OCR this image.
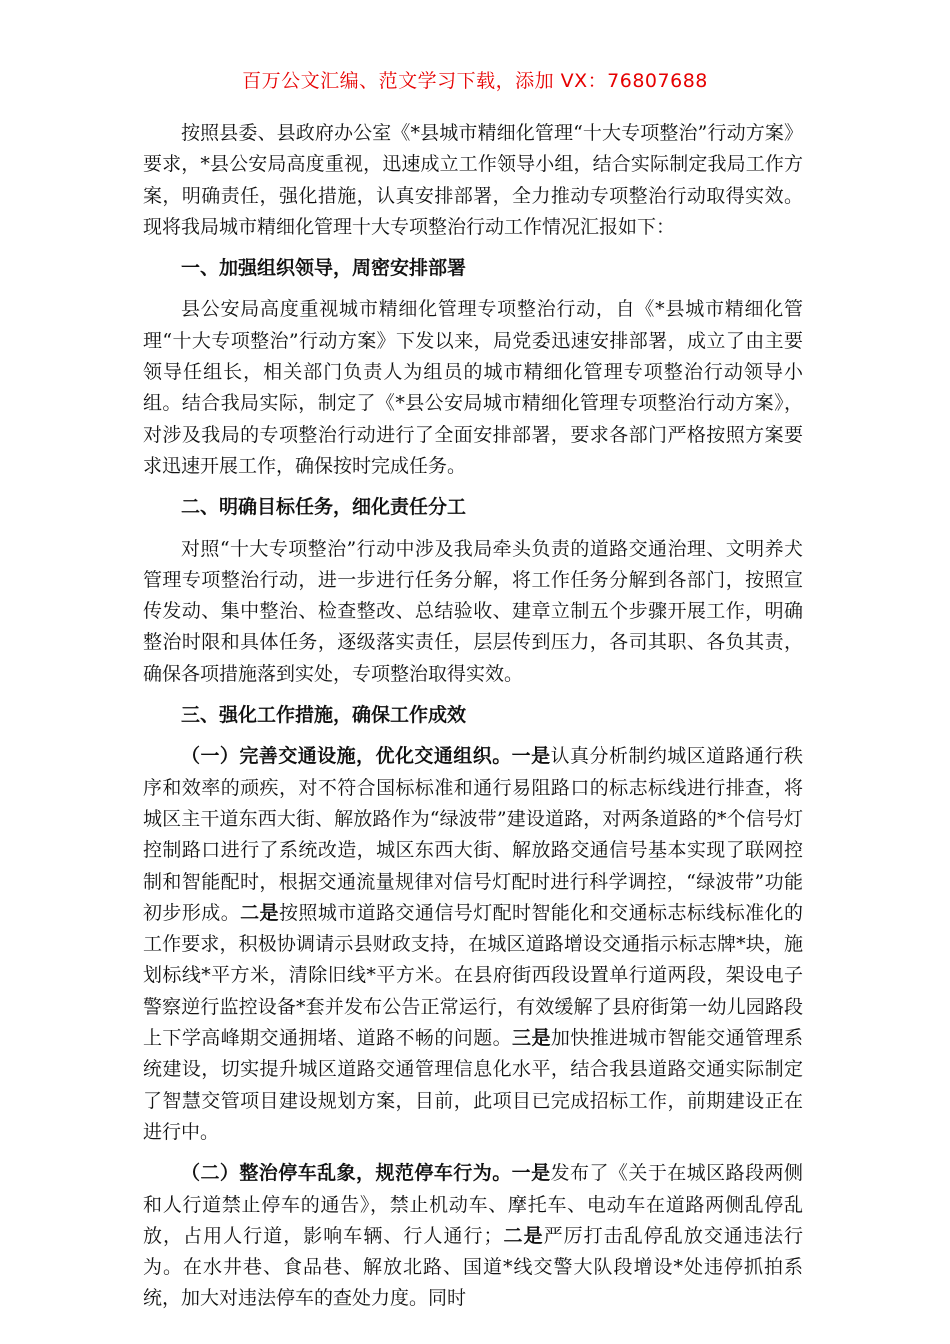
百万公文汇编、范文学习下载，添加 VX：76807688

按照县委、县政府办公室《*县城市精细化管理“十大专项整治”行动方案》要求，*县公安局高度重视，迅速成立工作领导小组，结合实际制定我局工作方案，明确责任，强化措施，认真安排部署，全力推动专项整治行动取得实效。现将我局城市精细化管理十大专项整治行动工作情况汇报如下：

一、加强组织领导，周密安排部署

县公安局高度重视城市精细化管理专项整治行动，自《*县城市精细化管理“十大专项整治”行动方案》下发以来，局党委迅速安排部署，成立了由主要领导任组长，相关部门负责人为组员的城市精细化管理专项整治行动领导小组。结合我局实际，制定了《*县公安局城市精细化管理专项整治行动方案》，对涉及我局的专项整治行动进行了全面安排部署，要求各部门严格按照方案要求迅速开展工作，确保按时完成任务。

二、明确目标任务，细化责任分工

对照“十大专项整治”行动中涉及我局牵头负责的道路交通治理、文明养犬管理专项整治行动，进一步进行任务分解，将工作任务分解到各部门，按照宣传发动、集中整治、检查整改、总结验收、建章立制五个步骤开展工作，明确整治时限和具体任务，逐级落实责任，层层传到压力，各司其职、各负其责，确保各项措施落到实处，专项整治取得实效。

三、强化工作措施，确保工作成效

（一）完善交通设施，优化交通组织。一是认真分析制约城区道路通行秩序和效率的顽疾，对不符合国标标准和通行易阻路口的标志标线进行排查，将城区主干道东西大街、解放路作为“绿波带”建设道路，对两条道路的*个信号灯控制路口进行了系统改造，城区东西大街、解放路交通信号基本实现了联网控制和智能配时，根据交通流量规律对信号灯配时进行科学调控，“绿波带”功能初步形成。二是按照城市道路交通信号灯配时智能化和交通标志标线标准化的工作要求，积极协调请示县财政支持，在城区道路增设交通指示标志牌*块，施划标线*平方米，清除旧线*平方米。在县府街西段设置单行道两段，架设电子警察逆行监控设备*套并发布公告正常运行，有效缓解了县府街第一幼儿园路段上下学高峰期交通拥堵、道路不畅的问题。三是加快推进城市智能交通管理系统建设，切实提升城区道路交通管理信息化水平，结合我县道路交通实际制定了智慧交管项目建设规划方案，目前，此项目已完成招标工作，前期建设正在进行中。

（二）整治停车乱象，规范停车行为。一是发布了《关于在城区路段两侧和人行道禁止停车的通告》，禁止机动车、摩托车、电动车在道路两侧乱停乱放，占用人行道，影响车辆、行人通行；二是严厉打击乱停乱放交通违法行为。在水井巷、食品巷、解放北路、国道*线交警大队段增设*处违停抓拍系统，加大对违法停车的查处力度。同时
